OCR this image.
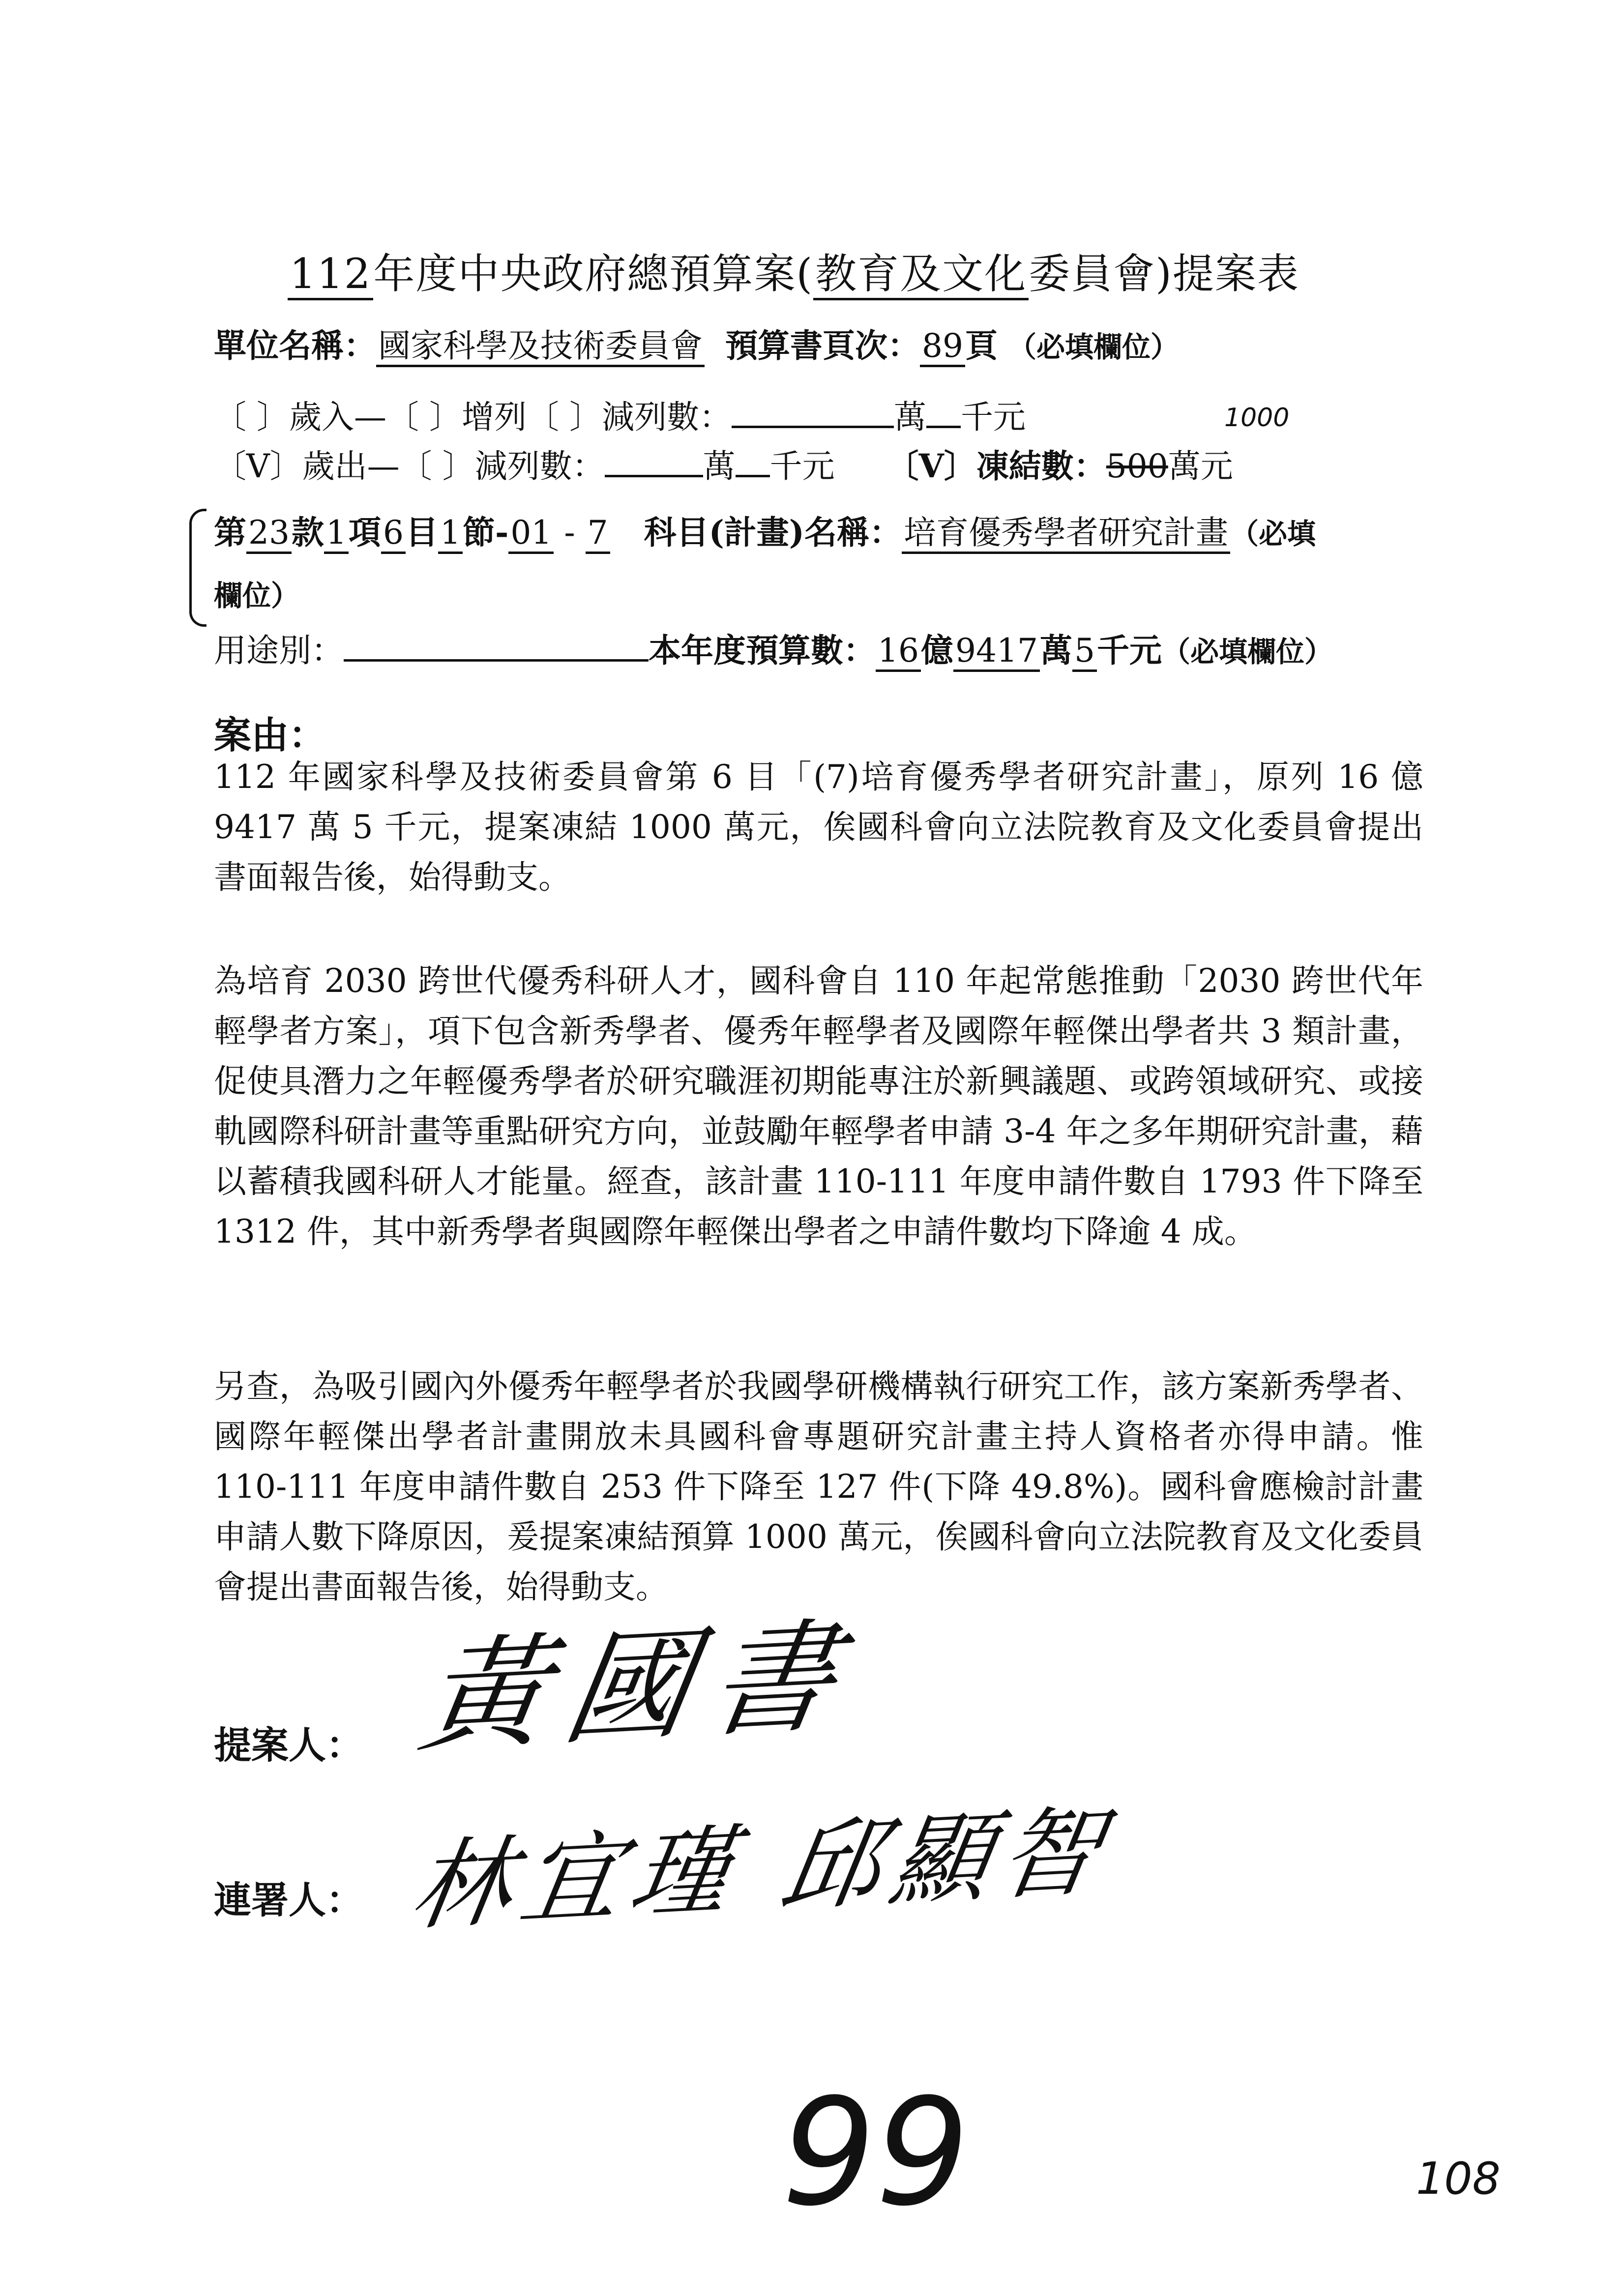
112年度中央政府總預算案(教育及文化委員會)提案表
單位名稱：國家科學及技術委員會 預算書頁次：89頁 （必填欄位）
〔 〕歲入—〔 〕增列〔 〕減列數：	萬 千元	1000
〔V〕歲出—〔 〕減列數：	萬 千元 〔V〕凍結數：500萬元
第23款1項6目1節-01 - 7 科目(計畫)名稱：培育優秀學者研究計畫（必填
欄位）
用途別：	本年度預算數：16億9417萬5千元（必填欄位）
案由：
112 年國家科學及技術委員會第 6 目「(7)培育優秀學者研究計畫」，原列 16 億 9417 萬 5 千元，提案凍結 1000 萬元，俟國科會向立法院教育及文化委員會提出書面報告後，始得動支。
為培育 2030 跨世代優秀科研人才，國科會自 110 年起常態推動「2030 跨世代年輕學者方案」，項下包含新秀學者、優秀年輕學者及國際年輕傑出學者共 3 類計畫，促使具潛力之年輕優秀學者於研究職涯初期能專注於新興議題、或跨領域研究、或接軌國際科研計畫等重點研究方向，並鼓勵年輕學者申請 3-4 年之多年期研究計畫，藉以蓄積我國科研人才能量。經查，該計畫 110-111 年度申請件數自 1793 件下降至 1312 件，其中新秀學者與國際年輕傑出學者之申請件數均下降逾 4 成。
另查，為吸引國內外優秀年輕學者於我國學研機構執行研究工作，該方案新秀學者、國際年輕傑出學者計畫開放未具國科會專題研究計畫主持人資格者亦得申請。惟 110-111 年度申請件數自 253 件下降至 127 件(下降 49.8%)。國科會應檢討計畫申請人數下降原因，爰提案凍結預算 1000 萬元，俟國科會向立法院教育及文化委員會提出書面報告後，始得動支。
提案人： 黃國書
連署人： 林宜瑾 邱顯智
99	108
